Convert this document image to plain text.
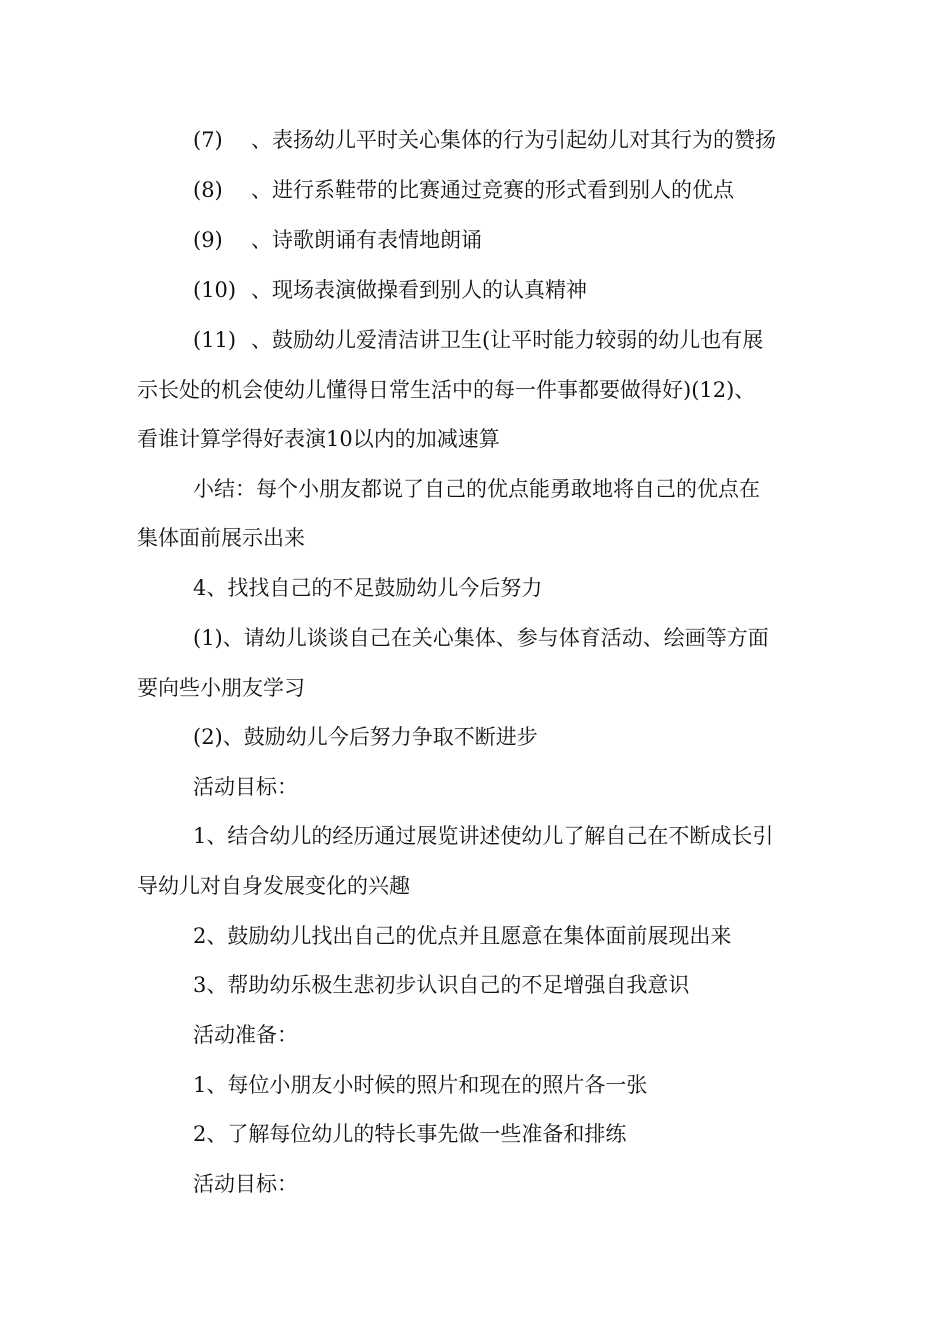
(7) 、表扬幼儿平时关心集体的行为引起幼儿对其行为的赞扬
(8) 、进行系鞋带的比赛通过竞赛的形式看到别人的优点
(9) 、诗歌朗诵有表情地朗诵
(10) 、现场表演做操看到别人的认真精神
(11) 、鼓励幼儿爱清洁讲卫生(让平时能力较弱的幼儿也有展
示长处的机会使幼儿懂得日常生活中的每一件事都要做得好)(12)、
看谁计算学得好表演10以内的加减速算
小结：每个小朋友都说了自己的优点能勇敢地将自己的优点在
集体面前展示出来
4、找找自己的不足鼓励幼儿今后努力
(1)、请幼儿谈谈自己在关心集体、参与体育活动、绘画等方面
要向些小朋友学习
(2)、鼓励幼儿今后努力争取不断进步
活动目标：
1、结合幼儿的经历通过展览讲述使幼儿了解自己在不断成长引
导幼儿对自身发展变化的兴趣
2、鼓励幼儿找出自己的优点并且愿意在集体面前展现出来
3、帮助幼乐极生悲初步认识自己的不足增强自我意识
活动准备：
1、每位小朋友小时候的照片和现在的照片各一张
2、了解每位幼儿的特长事先做一些准备和排练
活动目标：
